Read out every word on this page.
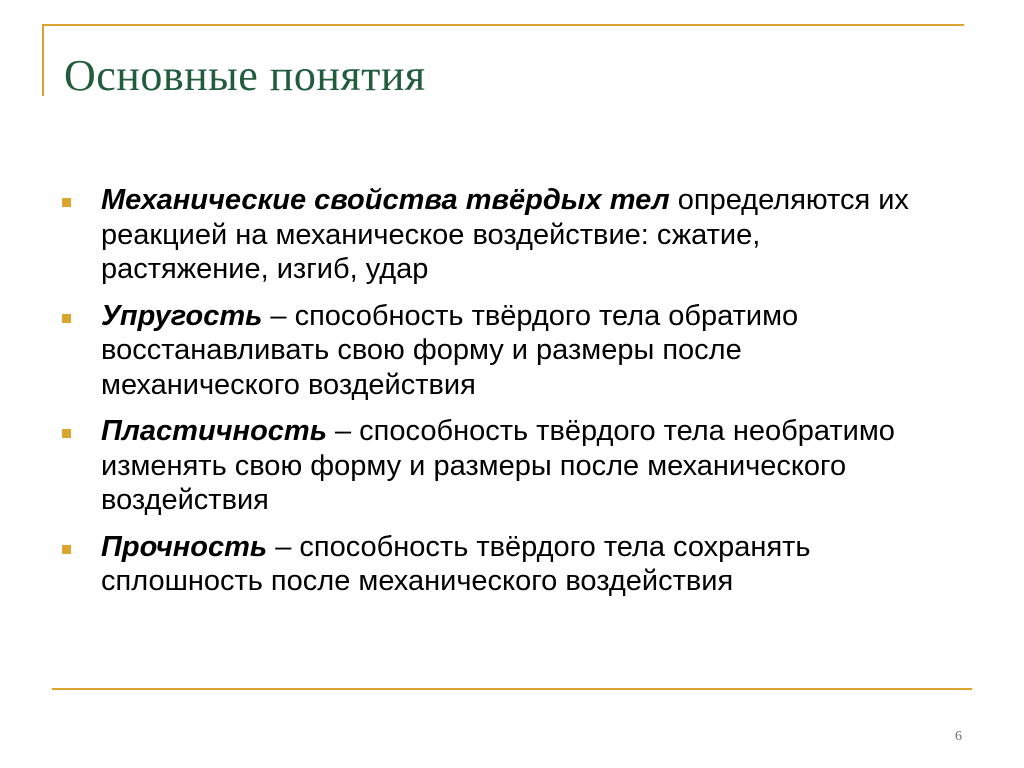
Основные понятия
Механические свойства твёрдых тел определяются их реакцией на механическое воздействие: сжатие, растяжение, изгиб, удар
Упругость – способность твёрдого тела обратимо восстанавливать свою форму и размеры после механического воздействия
Пластичность – способность твёрдого тела необратимо изменять свою форму и размеры после механического воздействия
Прочность – способность твёрдого тела сохранять сплошность после механического воздействия
6
